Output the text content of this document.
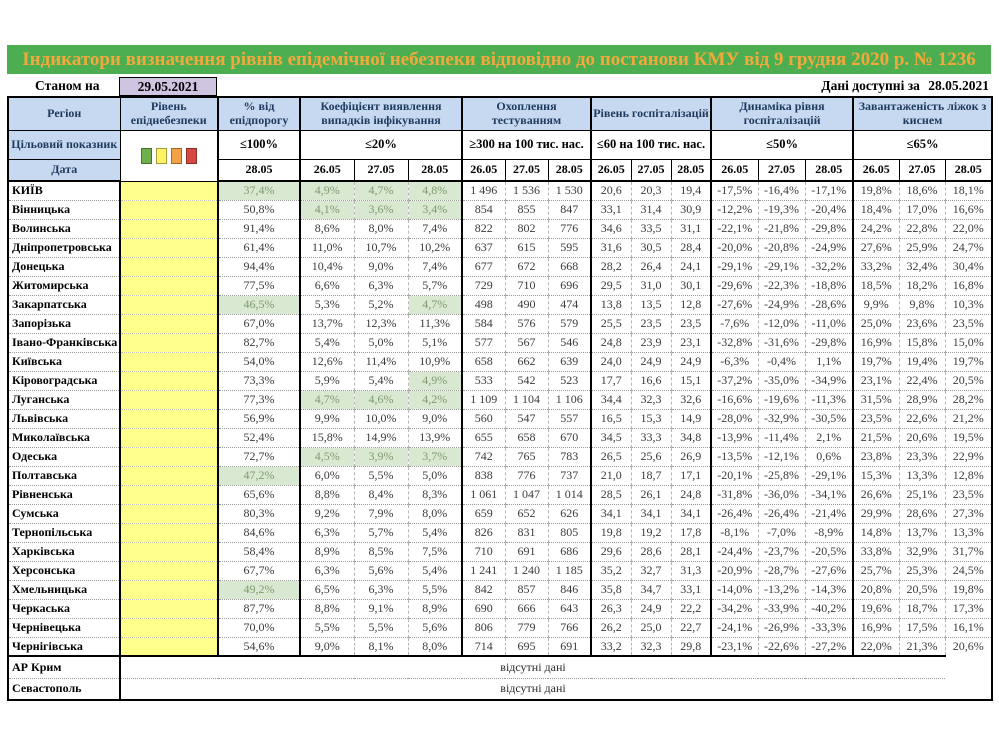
Індикатори визначення рівнів епідемічної небезпеки відповідно до постанови КМУ від 9 грудня 2020 р. № 1236
Станом на	29.05.2021	Дані доступні за 28.05.2021
Регіон	Рівень епіднебезпеки	% від епідпорогу	Коефіцієнт виявлення випадків інфікування			Охоплення тестуванням			Рівень госпіталізацій			Динаміка рівня госпіталізацій			Завантаженість ліжок з киснем		
Цільовий показник		≤100%	≤20%			≥300 на 100 тис. нас.			≤60 на 100 тис. нас.			≤50%			≤65%		
Дата		28.05	26.05	27.05	28.05	26.05	27.05	28.05	26.05	27.05	28.05	26.05	27.05	28.05	26.05	27.05	28.05
КИЇВ		37,4%	4,9%	4,7%	4,8%	1 496	1 536	1 530	20,6	20,3	19,4	-17,5%	-16,4%	-17,1%	19,8%	18,6%	18,1%
Вінницька		50,8%	4,1%	3,6%	3,4%	854	855	847	33,1	31,4	30,9	-12,2%	-19,3%	-20,4%	18,4%	17,0%	16,6%
Волинська		91,4%	8,6%	8,0%	7,4%	822	802	776	34,6	33,5	31,1	-22,1%	-21,8%	-29,8%	24,2%	22,8%	22,0%
Дніпропетровська		61,4%	11,0%	10,7%	10,2%	637	615	595	31,6	30,5	28,4	-20,0%	-20,8%	-24,9%	27,6%	25,9%	24,7%
Донецька		94,4%	10,4%	9,0%	7,4%	677	672	668	28,2	26,4	24,1	-29,1%	-29,1%	-32,2%	33,2%	32,4%	30,4%
Житомирська		77,5%	6,6%	6,3%	5,7%	729	710	696	29,5	31,0	30,1	-29,6%	-22,3%	-18,8%	18,5%	18,2%	16,8%
Закарпатська		46,5%	5,3%	5,2%	4,7%	498	490	474	13,8	13,5	12,8	-27,6%	-24,9%	-28,6%	9,9%	9,8%	10,3%
Запорізька		67,0%	13,7%	12,3%	11,3%	584	576	579	25,5	23,5	23,5	-7,6%	-12,0%	-11,0%	25,0%	23,6%	23,5%
Івано-Франківська		82,7%	5,4%	5,0%	5,1%	577	567	546	24,8	23,9	23,1	-32,8%	-31,6%	-29,8%	16,9%	15,8%	15,0%
Київська		54,0%	12,6%	11,4%	10,9%	658	662	639	24,0	24,9	24,9	-6,3%	-0,4%	1,1%	19,7%	19,4%	19,7%
Кіровоградська		73,3%	5,9%	5,4%	4,9%	533	542	523	17,7	16,6	15,1	-37,2%	-35,0%	-34,9%	23,1%	22,4%	20,5%
Луганська		77,3%	4,7%	4,6%	4,2%	1 109	1 104	1 106	34,4	32,3	32,6	-16,6%	-19,6%	-11,3%	31,5%	28,9%	28,2%
Львівська		56,9%	9,9%	10,0%	9,0%	560	547	557	16,5	15,3	14,9	-28,0%	-32,9%	-30,5%	23,5%	22,6%	21,2%
Миколаївська		52,4%	15,8%	14,9%	13,9%	655	658	670	34,5	33,3	34,8	-13,9%	-11,4%	2,1%	21,5%	20,6%	19,5%
Одеська		72,7%	4,5%	3,9%	3,7%	742	765	783	26,5	25,6	26,9	-13,5%	-12,1%	0,6%	23,8%	23,3%	22,9%
Полтавська		47,2%	6,0%	5,5%	5,0%	838	776	737	21,0	18,7	17,1	-20,1%	-25,8%	-29,1%	15,3%	13,3%	12,8%
Рівненська		65,6%	8,8%	8,4%	8,3%	1 061	1 047	1 014	28,5	26,1	24,8	-31,8%	-36,0%	-34,1%	26,6%	25,1%	23,5%
Сумська		80,3%	9,2%	7,9%	8,0%	659	652	626	34,1	34,1	34,1	-26,4%	-26,4%	-21,4%	29,9%	28,6%	27,3%
Тернопільська		84,6%	6,3%	5,7%	5,4%	826	831	805	19,8	19,2	17,8	-8,1%	-7,0%	-8,9%	14,8%	13,7%	13,3%
Харківська		58,4%	8,9%	8,5%	7,5%	710	691	686	29,6	28,6	28,1	-24,4%	-23,7%	-20,5%	33,8%	32,9%	31,7%
Херсонська		67,7%	6,3%	5,6%	5,4%	1 241	1 240	1 185	35,2	32,7	31,3	-20,9%	-28,7%	-27,6%	25,7%	25,3%	24,5%
Хмельницька		49,2%	6,5%	6,3%	5,5%	842	857	846	35,8	34,7	33,1	-14,0%	-13,2%	-14,3%	20,8%	20,5%	19,8%
Черкаська		87,7%	8,8%	9,1%	8,9%	690	666	643	26,3	24,9	22,2	-34,2%	-33,9%	-40,2%	19,6%	18,7%	17,3%
Чернівецька		70,0%	5,5%	5,5%	5,6%	806	779	766	26,2	25,0	22,7	-24,1%	-26,9%	-33,3%	16,9%	17,5%	16,1%
Чернігівська		54,6%	9,0%	8,1%	8,0%	714	695	691	33,2	32,3	29,8	-23,1%	-22,6%	-27,2%	22,0%	21,3%	20,6%
АР Крим	відсутні дані																
Севастополь	відсутні дані																
